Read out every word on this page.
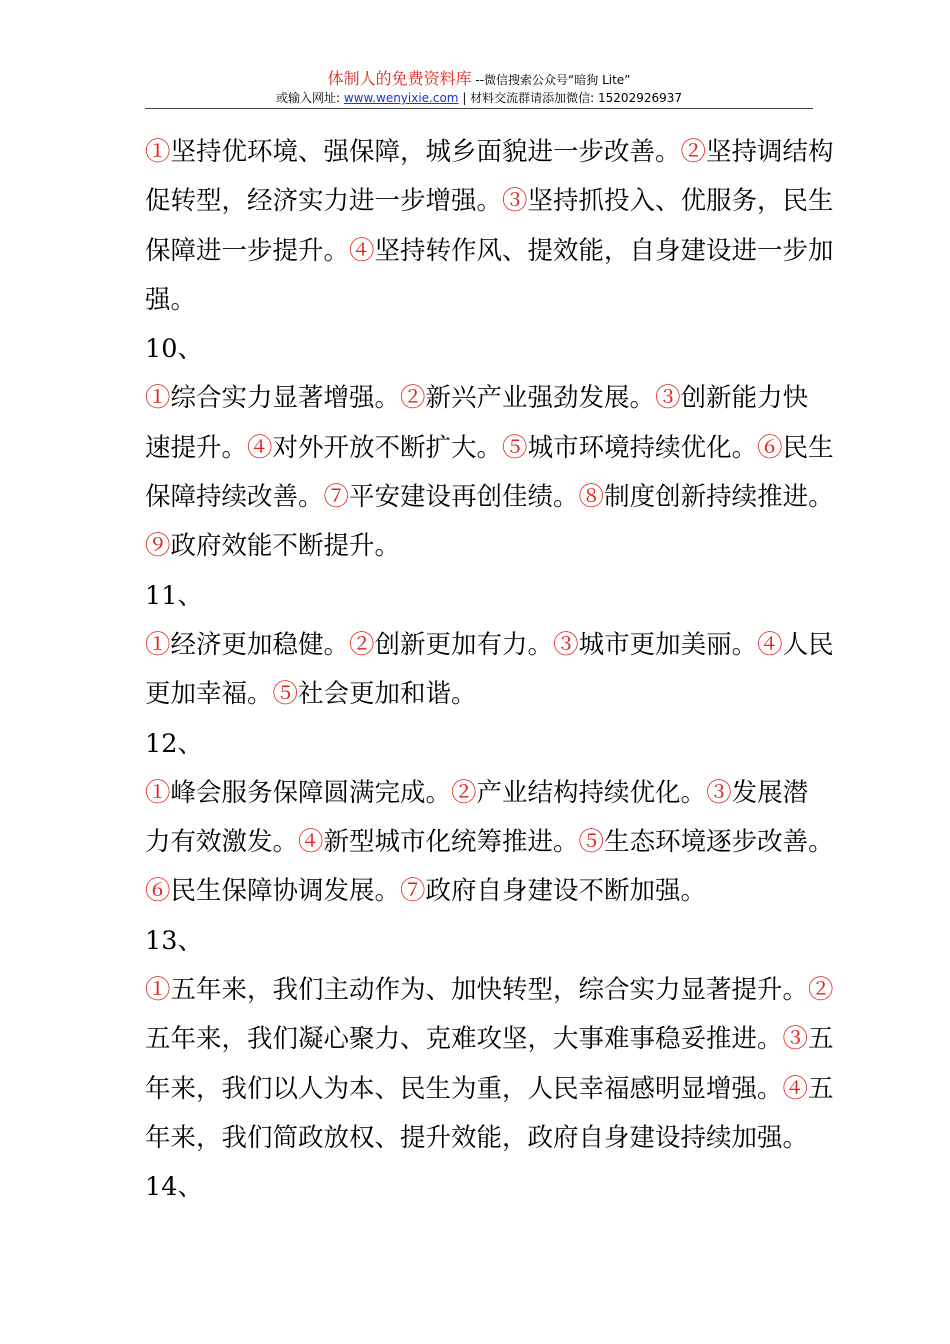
体制人的免费资料库 --微信搜索公众号“暗狗 Lite”
或输入网址: www.wenyixie.com | 材料交流群请添加微信: 15202926937

①坚持优环境、强保障，城乡面貌进一步改善。②坚持调结构

促转型，经济实力进一步增强。③坚持抓投入、优服务，民生

保障进一步提升。④坚持转作风、提效能，自身建设进一步加

强。

10、

①综合实力显著增强。②新兴产业强劲发展。③创新能力快

速提升。④对外开放不断扩大。⑤城市环境持续优化。⑥民生

保障持续改善。⑦平安建设再创佳绩。⑧制度创新持续推进。

⑨政府效能不断提升。

11、

①经济更加稳健。②创新更加有力。③城市更加美丽。④人民

更加幸福。⑤社会更加和谐。

12、

①峰会服务保障圆满完成。②产业结构持续优化。③发展潜

力有效激发。④新型城市化统筹推进。⑤生态环境逐步改善。

⑥民生保障协调发展。⑦政府自身建设不断加强。

13、

①五年来，我们主动作为、加快转型，综合实力显著提升。②

五年来，我们凝心聚力、克难攻坚，大事难事稳妥推进。③五

年来，我们以人为本、民生为重，人民幸福感明显增强。④五

年来，我们简政放权、提升效能，政府自身建设持续加强。

14、
